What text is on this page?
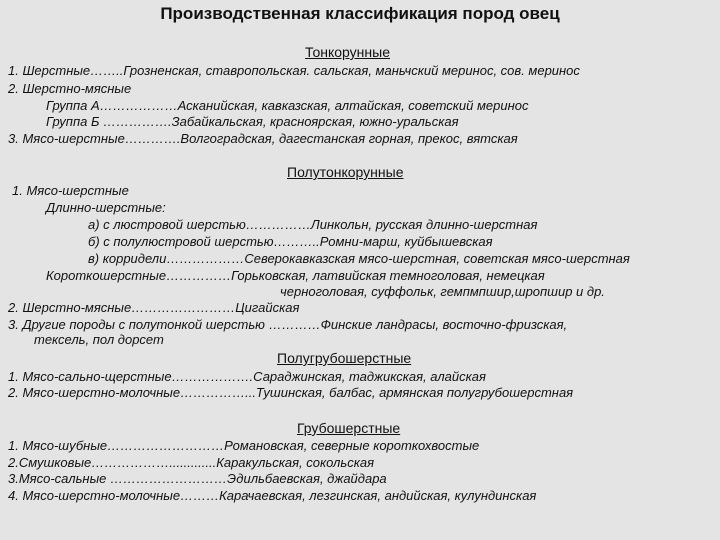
Производственная классификация пород овец
Тонкорунные
1. Шерстные……..Грозненская, ставропольская. сальская, маньчский меринос, сов. меринос
2. Шерстно-мясные
Группа А………………Асканийская, кавказская, алтайская, советский меринос
Группа Б …………….Забайкальская, красноярская, южно-уральская
3. Мясо-шерстные………….Волгоградская, дагестанская горная, прекос, вятская
Полутонкорунные
1. Мясо-шерстные
Длинно-шерстные:
а) с люстровой шерстью……………Линкольн, русская длинно-шерстная
б) с полулюстровой шерстью………..Ромни-марш, куйбышевская
в) корридели………………Северокавказская мясо-шерстная, советская мясо-шерстная
Короткошерстные……………Горьковская, латвийская темноголовая, немецкая
черноголовая, суффольк, гемпмпшир,шропшир и др.
2. Шерстно-мясные……………………Цигайская
3. Другие породы с полутонкой шерстью …………Финские ландрасы, восточно-фризская,
тексель, пол дорсет
Полугрубошерстные
1. Мясо-сально-щерстные……………….Сараджинская, таджикская, алайская
2. Мясо-шерстно-молочные……………...Тушинская, балбас, армянская полугрубошерстная
Грубошерстные
1. Мясо-шубные………………………Романовская, северные короткохвостые
2.Смушковые……………….............Каракульская, сокольская
3.Мясо-сальные ………………………Эдильбаевская, джайдара
4. Мясо-шерстно-молочные………Карачаевская, лезгинская, андийская, кулундинская
